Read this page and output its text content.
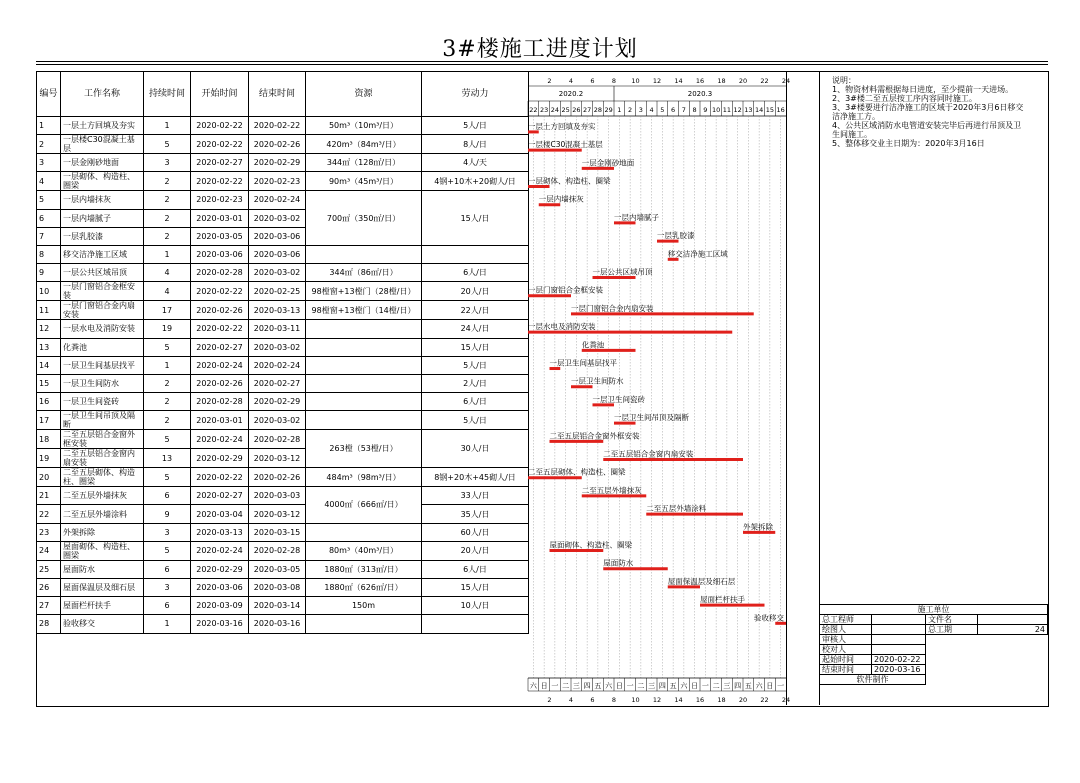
3#楼施工进度计划
编号	工作名称	持续时间	开始时间	结束时间	资源	劳动力
1	一层土方回填及夯实	1	2020-02-22	2020-02-22	50m³（10m³/日）	5人/日
2	一层楼C30混凝土基层	5	2020-02-22	2020-02-26	420m³（84m³/日）	8人/日
3	一层金刚砂地面	3	2020-02-27	2020-02-29	344㎡（128㎡/日）	4人/天
4	一层砌体、构造柱、圈梁	2	2020-02-22	2020-02-23	90m³（45m³/日）	4钢+10木+20砌人/日
5	一层内墙抹灰	2	2020-02-23	2020-02-24	700㎡（350㎡/日）	15人/日
6	一层内墙腻子	2	2020-03-01	2020-03-02		
7	一层乳胶漆	2	2020-03-05	2020-03-06		
8	移交洁净施工区域	1	2020-03-06	2020-03-06		
9	一层公共区域吊顶	4	2020-02-28	2020-03-02	344㎡（86㎡/日）	6人/日
10	一层门窗铝合金框安装	4	2020-02-22	2020-02-25	98樘窗+13樘门（28樘/日）	20人/日
11	一层门窗铝合金内扇安装	17	2020-02-26	2020-03-13	98樘窗+13樘门（14樘/日）	22人/日
12	一层水电及消防安装	19	2020-02-22	2020-03-11		24人/日
13	化粪池	5	2020-02-27	2020-03-02		15人/日
14	一层卫生间基层找平	1	2020-02-24	2020-02-24		5人/日
15	一层卫生间防水	2	2020-02-26	2020-02-27		2人/日
16	一层卫生间瓷砖	2	2020-02-28	2020-02-29		6人/日
17	一层卫生间吊顶及隔断	2	2020-03-01	2020-03-02		5人/日
18	二至五层铝合金窗外框安装	5	2020-02-24	2020-02-28	263樘（53樘/日）	30人/日
19	二至五层铝合金窗内扇安装	13	2020-02-29	2020-03-12		
20	二至五层砌体、构造柱、圈梁	5	2020-02-22	2020-02-26	484m³（98m³/日）	8钢+20木+45砌人/日
21	二至五层外墙抹灰	6	2020-02-27	2020-03-03	4000㎡（666㎡/日）	33人/日
22	二至五层外墙涂料	9	2020-03-04	2020-03-12		35人/日
23	外架拆除	3	2020-03-13	2020-03-15		60人/日
24	屋面砌体、构造柱、圈梁	5	2020-02-24	2020-02-28	80m³（40m³/日）	20人/日
25	屋面防水	6	2020-02-29	2020-03-05	1880㎡（313㎡/日）	6人/日
26	屋面保温层及细石层	3	2020-03-06	2020-03-08	1880㎡（626㎡/日）	15人/日
27	屋面栏杆扶手	6	2020-03-09	2020-03-14	150m	10人/日
28	验收移交	1	2020-03-16	2020-03-16		

2020.2	2020.3
2	4	6	8 10 12 14 16 18 20 22 24
22 23 24 25 26 27 28 29 1 2 3 4 5 6 7 8 9 10 11 12 13 14 15 16
一层土方回填及夯实
一层楼C30混凝土基层
一层金刚砂地面
一层砌体、构造柱、圈梁
一层内墙抹灰
一层内墙腻子
一层乳胶漆
移交洁净施工区域
一层公共区域吊顶
一层门窗铝合金框安装
一层门窗铝合金内扇安装
一层水电及消防安装
化粪池
一层卫生间基层找平
一层卫生间防水
一层卫生间瓷砖
一层卫生间吊顶及隔断
二至五层铝合金窗外框安装
二至五层铝合金窗内扇安装
二至五层砌体、构造柱、圈梁
二至五层外墙抹灰
二至五层外墙涂料
外架拆除
屋面砌体、构造柱、圈梁
屋面防水
屋面保温层及细石层
屋面栏杆扶手
验收移交
六 日 一 二 三 四 五 六 日 一 二 三 四 五 六 日 一 二 三 四 五 六 日 一
2	4	6	8 10 12 14 16 18 20 22 24
说明：
1、物资材料需根据每日进度，至少提前一天进场。
2、3#楼二至五层按工序内容同时施工。
3、3#楼要进行洁净施工的区域于2020年3月6日移交洁净施工方。
4、公共区域消防水电管道安装完毕后再进行吊顶及卫生间施工。
5、整体移交业主日期为：2020年3月16日
施工单位			
总工程师		文件名	
绘图人		总工期	24
审核人			
校对人			
起始时间	2020-02-22		
结束时间	2020-03-16		
软件制作			
